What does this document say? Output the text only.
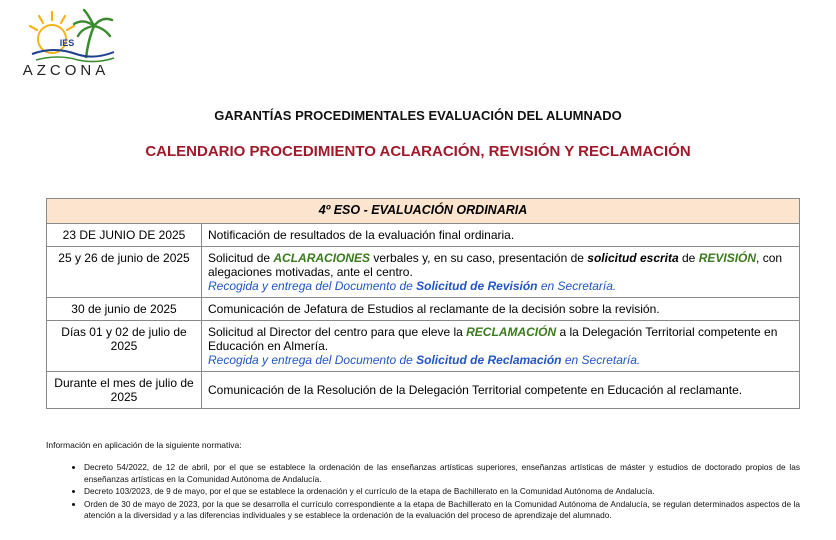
IES
AZCONA
GARANTÍAS PROCEDIMENTALES EVALUACIÓN DEL ALUMNADO
CALENDARIO PROCEDIMIENTO ACLARACIÓN, REVISIÓN Y RECLAMACIÓN
4º ESO - EVALUACIÓN ORDINARIA	
23 DE JUNIO DE 2025	Notificación de resultados de la evaluación final ordinaria.
25 y 26 de junio de 2025	Solicitud de ACLARACIONES verbales y, en su caso, presentación de solicitud escrita de REVISIÓN, con alegaciones motivadas, ante el centro.
Recogida y entrega del Documento de Solicitud de Revisión en Secretaría.
30 de junio de 2025	Comunicación de Jefatura de Estudios al reclamante de la decisión sobre la revisión.
Días 01 y 02 de julio de 2025	Solicitud al Director del centro para que eleve la RECLAMACIÓN a la Delegación Territorial competente en Educación en Almería.
Recogida y entrega del Documento de Solicitud de Reclamación en Secretaría.
Durante el mes de julio de 2025	Comunicación de la Resolución de la Delegación Territorial competente en Educación al reclamante.
Información en aplicación de la siguiente normativa:
• Decreto 54/2022, de 12 de abril, por el que se establece la ordenación de las enseñanzas artísticas superiores, enseñanzas artísticas de máster y estudios de doctorado propios de las enseñanzas artísticas en la Comunidad Autónoma de Andalucía.
• Decreto 103/2023, de 9 de mayo, por el que se establece la ordenación y el currículo de la etapa de Bachillerato en la Comunidad Autónoma de Andalucía.
• Orden de 30 de mayo de 2023, por la que se desarrolla el currículo correspondiente a la etapa de Bachillerato en la Comunidad Autónoma de Andalucía, se regulan determinados aspectos de la atención a la diversidad y a las diferencias individuales y se establece la ordenación de la evaluación del proceso de aprendizaje del alumnado.
